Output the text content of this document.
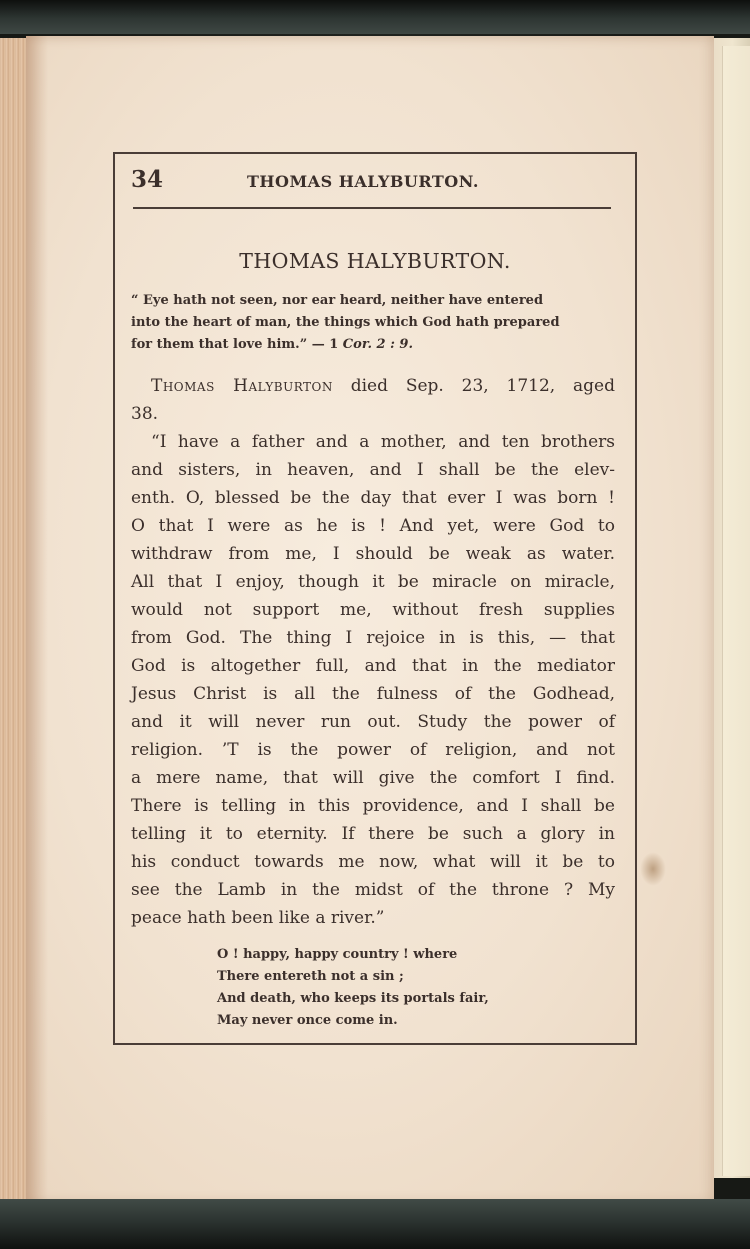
34	THOMAS HALYBURTON.
THOMAS HALYBURTON.
“ Eye hath not seen, nor ear heard, neither have entered
into the heart of man, the things which God hath prepared
for them that love him.” — 1 Cor. 2 : 9.
Thomas Halyburton died Sep. 23, 1712, aged
38.
“I have a father and a mother, and ten brothers
and sisters, in heaven, and I shall be the elev-
enth. O, blessed be the day that ever I was born !
O that I were as he is ! And yet, were God to
withdraw from me, I should be weak as water.
All that I enjoy, though it be miracle on miracle,
would not support me, without fresh supplies
from God. The thing I rejoice in is this, — that
God is altogether full, and that in the mediator
Jesus Christ is all the fulness of the Godhead,
and it will never run out. Study the power of
religion. ’T is the power of religion, and not
a mere name, that will give the comfort I find.
There is telling in this providence, and I shall be
telling it to eternity. If there be such a glory in
his conduct towards me now, what will it be to
see the Lamb in the midst of the throne ? My
peace hath been like a river.”
O ! happy, happy country ! where
There entereth not a sin ;
And death, who keeps its portals fair,
May never once come in.
